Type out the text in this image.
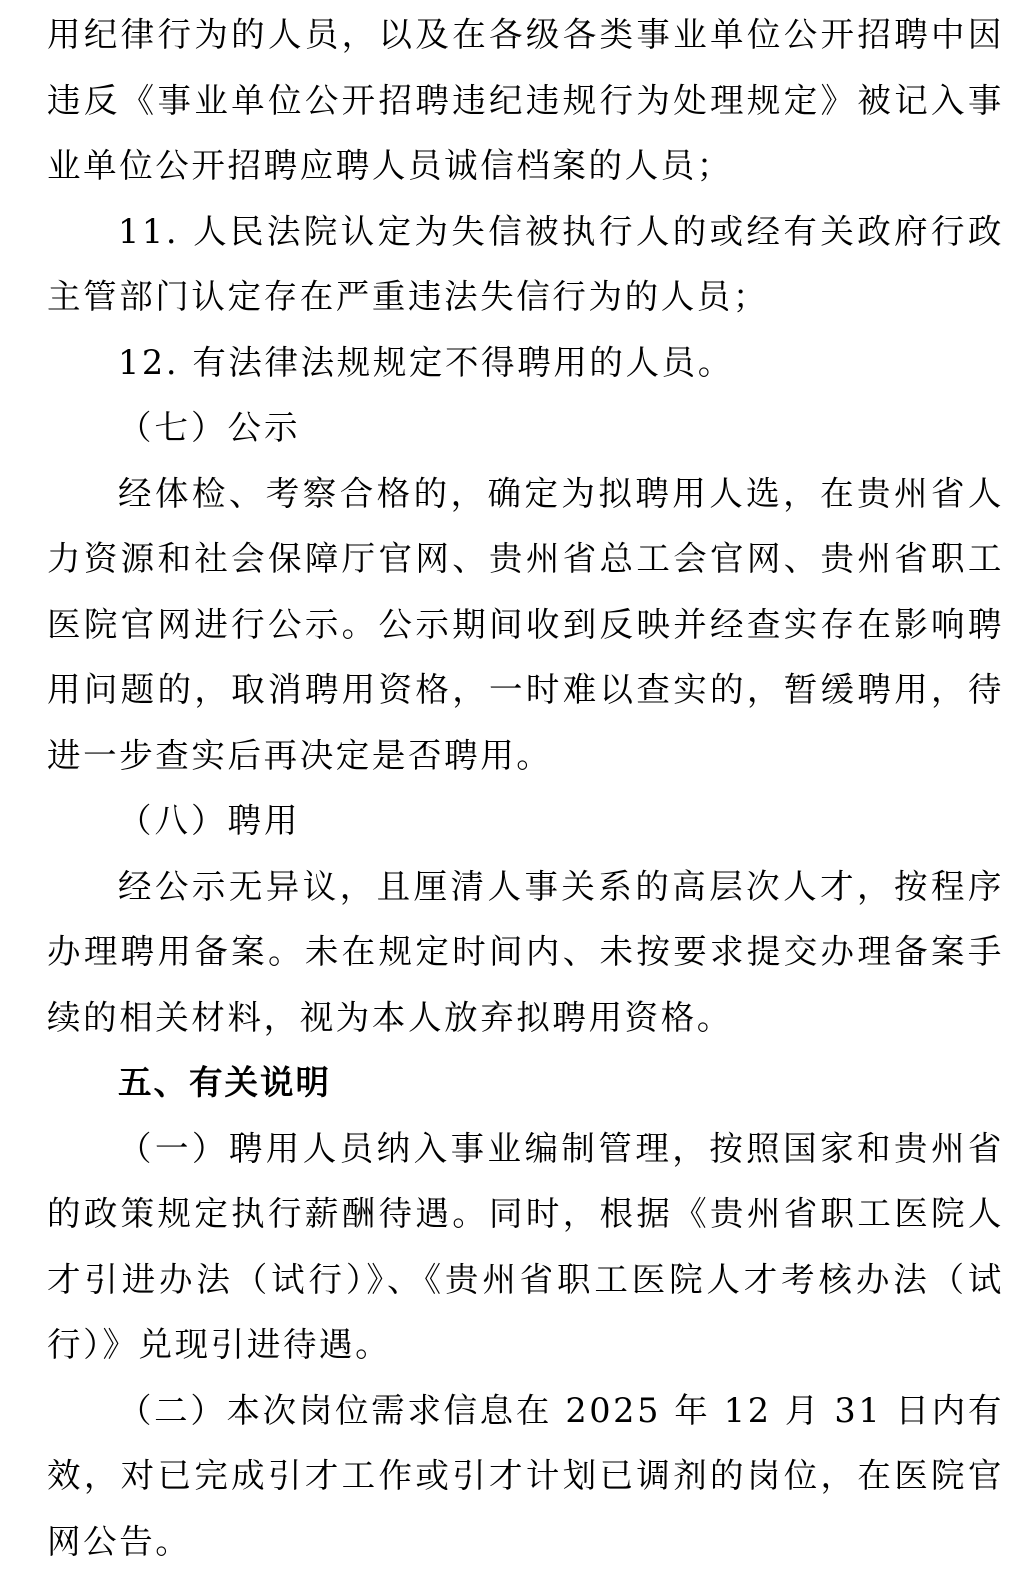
用纪律行为的人员，以及在各级各类事业单位公开招聘中因违反《事业单位公开招聘违纪违规行为处理规定》被记入事业单位公开招聘应聘人员诚信档案的人员；

11. 人民法院认定为失信被执行人的或经有关政府行政主管部门认定存在严重违法失信行为的人员；

12. 有法律法规规定不得聘用的人员。

（七）公示

经体检、考察合格的，确定为拟聘用人选，在贵州省人力资源和社会保障厅官网、贵州省总工会官网、贵州省职工医院官网进行公示。公示期间收到反映并经查实存在影响聘用问题的，取消聘用资格，一时难以查实的，暂缓聘用，待进一步查实后再决定是否聘用。

（八）聘用

经公示无异议，且厘清人事关系的高层次人才，按程序办理聘用备案。未在规定时间内、未按要求提交办理备案手续的相关材料，视为本人放弃拟聘用资格。

五、有关说明

（一）聘用人员纳入事业编制管理，按照国家和贵州省的政策规定执行薪酬待遇。同时，根据《贵州省职工医院人才引进办法（试行）》、《贵州省职工医院人才考核办法（试行）》兑现引进待遇。

（二）本次岗位需求信息在 2025 年 12 月 31 日内有效，对已完成引才工作或引才计划已调剂的岗位，在医院官网公告。
